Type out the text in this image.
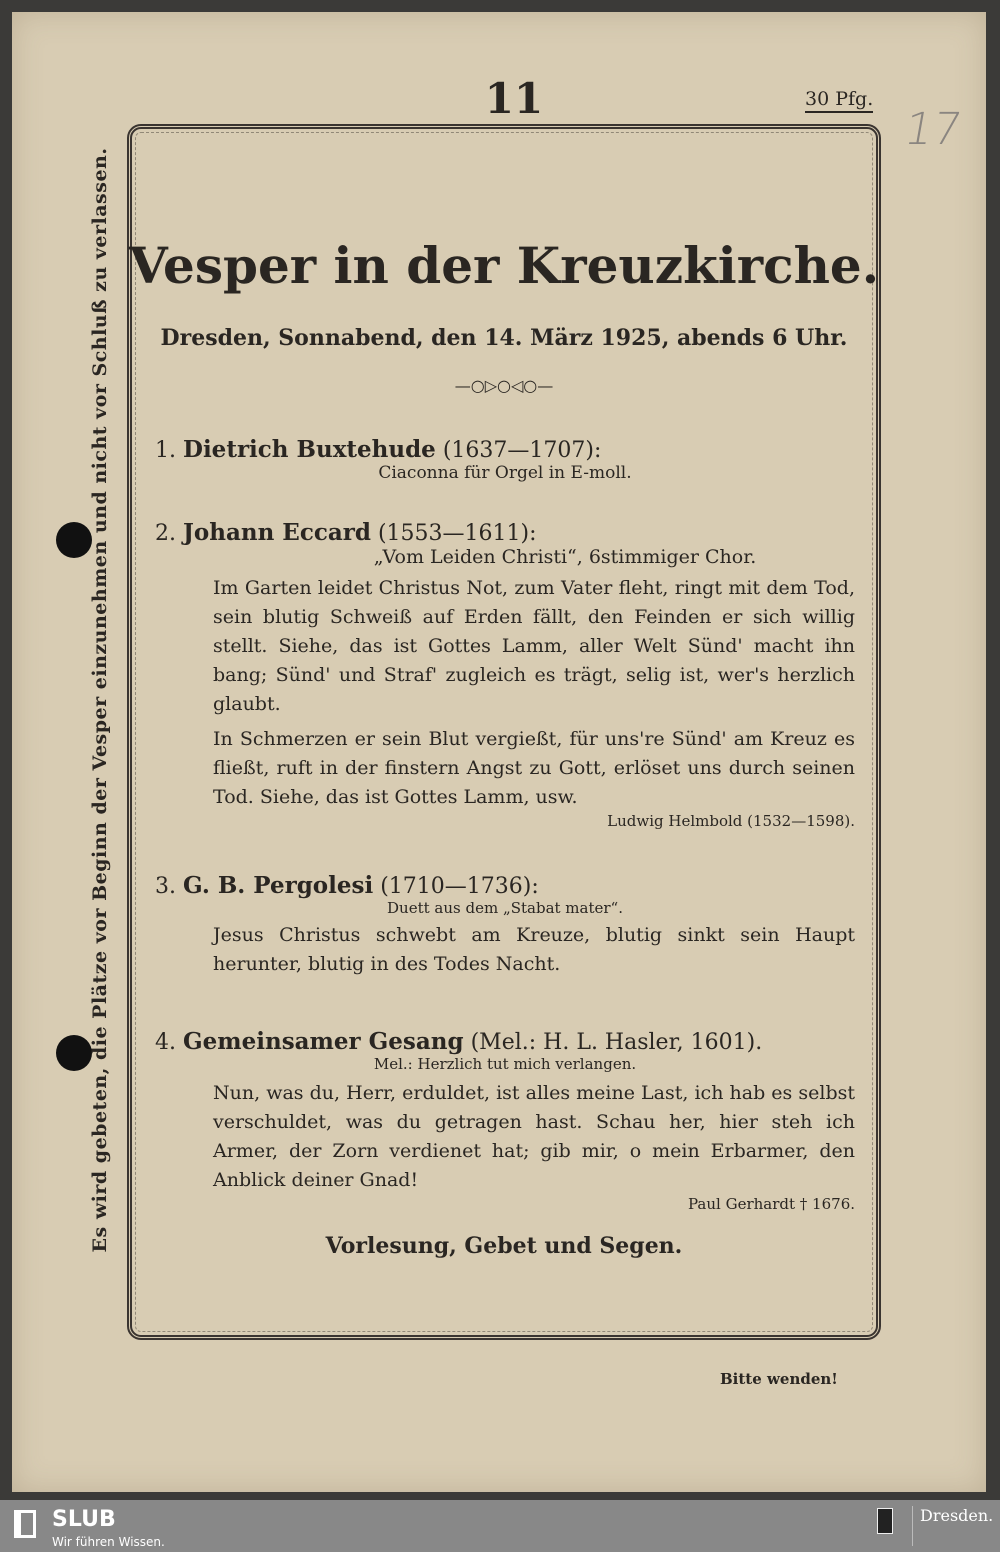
11	30 Pfg.
17
Es wird gebeten, die Plätze vor Beginn der Vesper einzunehmen und nicht vor Schluß zu verlassen. Vesper in der Kreuzkirche.
Dresden, Sonnabend, den 14. März 1925, abends 6 Uhr.
—○▷○◁○—
1. Dietrich Buxtehude (1637—1707):
Ciaconna für Orgel in E-moll.
2. Johann Eccard (1553—1611):
„Vom Leiden Christi“, 6stimmiger Chor.
Im Garten leidet Christus Not, zum Vater fleht, ringt mit dem Tod, sein blutig Schweiß auf Erden fällt, den Feinden er sich willig stellt. Siehe, das ist Gottes Lamm, aller Welt Sünd' macht ihn bang; Sünd' und Straf' zugleich es trägt, selig ist, wer's herzlich glaubt.
In Schmerzen er sein Blut vergießt, für uns're Sünd' am Kreuz es fließt, ruft in der finstern Angst zu Gott, erlöset uns durch seinen Tod. Siehe, das ist Gottes Lamm, usw.
Ludwig Helmbold (1532—1598).
3. G. B. Pergolesi (1710—1736):
Duett aus dem „Stabat mater“.
Jesus Christus schwebt am Kreuze, blutig sinkt sein Haupt herunter, blutig in des Todes Nacht.
4. Gemeinsamer Gesang (Mel.: H. L. Hasler, 1601).
Mel.: Herzlich tut mich verlangen.
Nun, was du, Herr, erduldet, ist alles meine Last, ich hab es selbst verschuldet, was du getragen hast. Schau her, hier steh ich Armer, der Zorn verdienet hat; gib mir, o mein Erbarmer, den Anblick deiner Gnad!
Paul Gerhardt † 1676.
Vorlesung, Gebet und Segen.
Bitte wenden!
SLUB
Wir führen Wissen.
Dresden.
